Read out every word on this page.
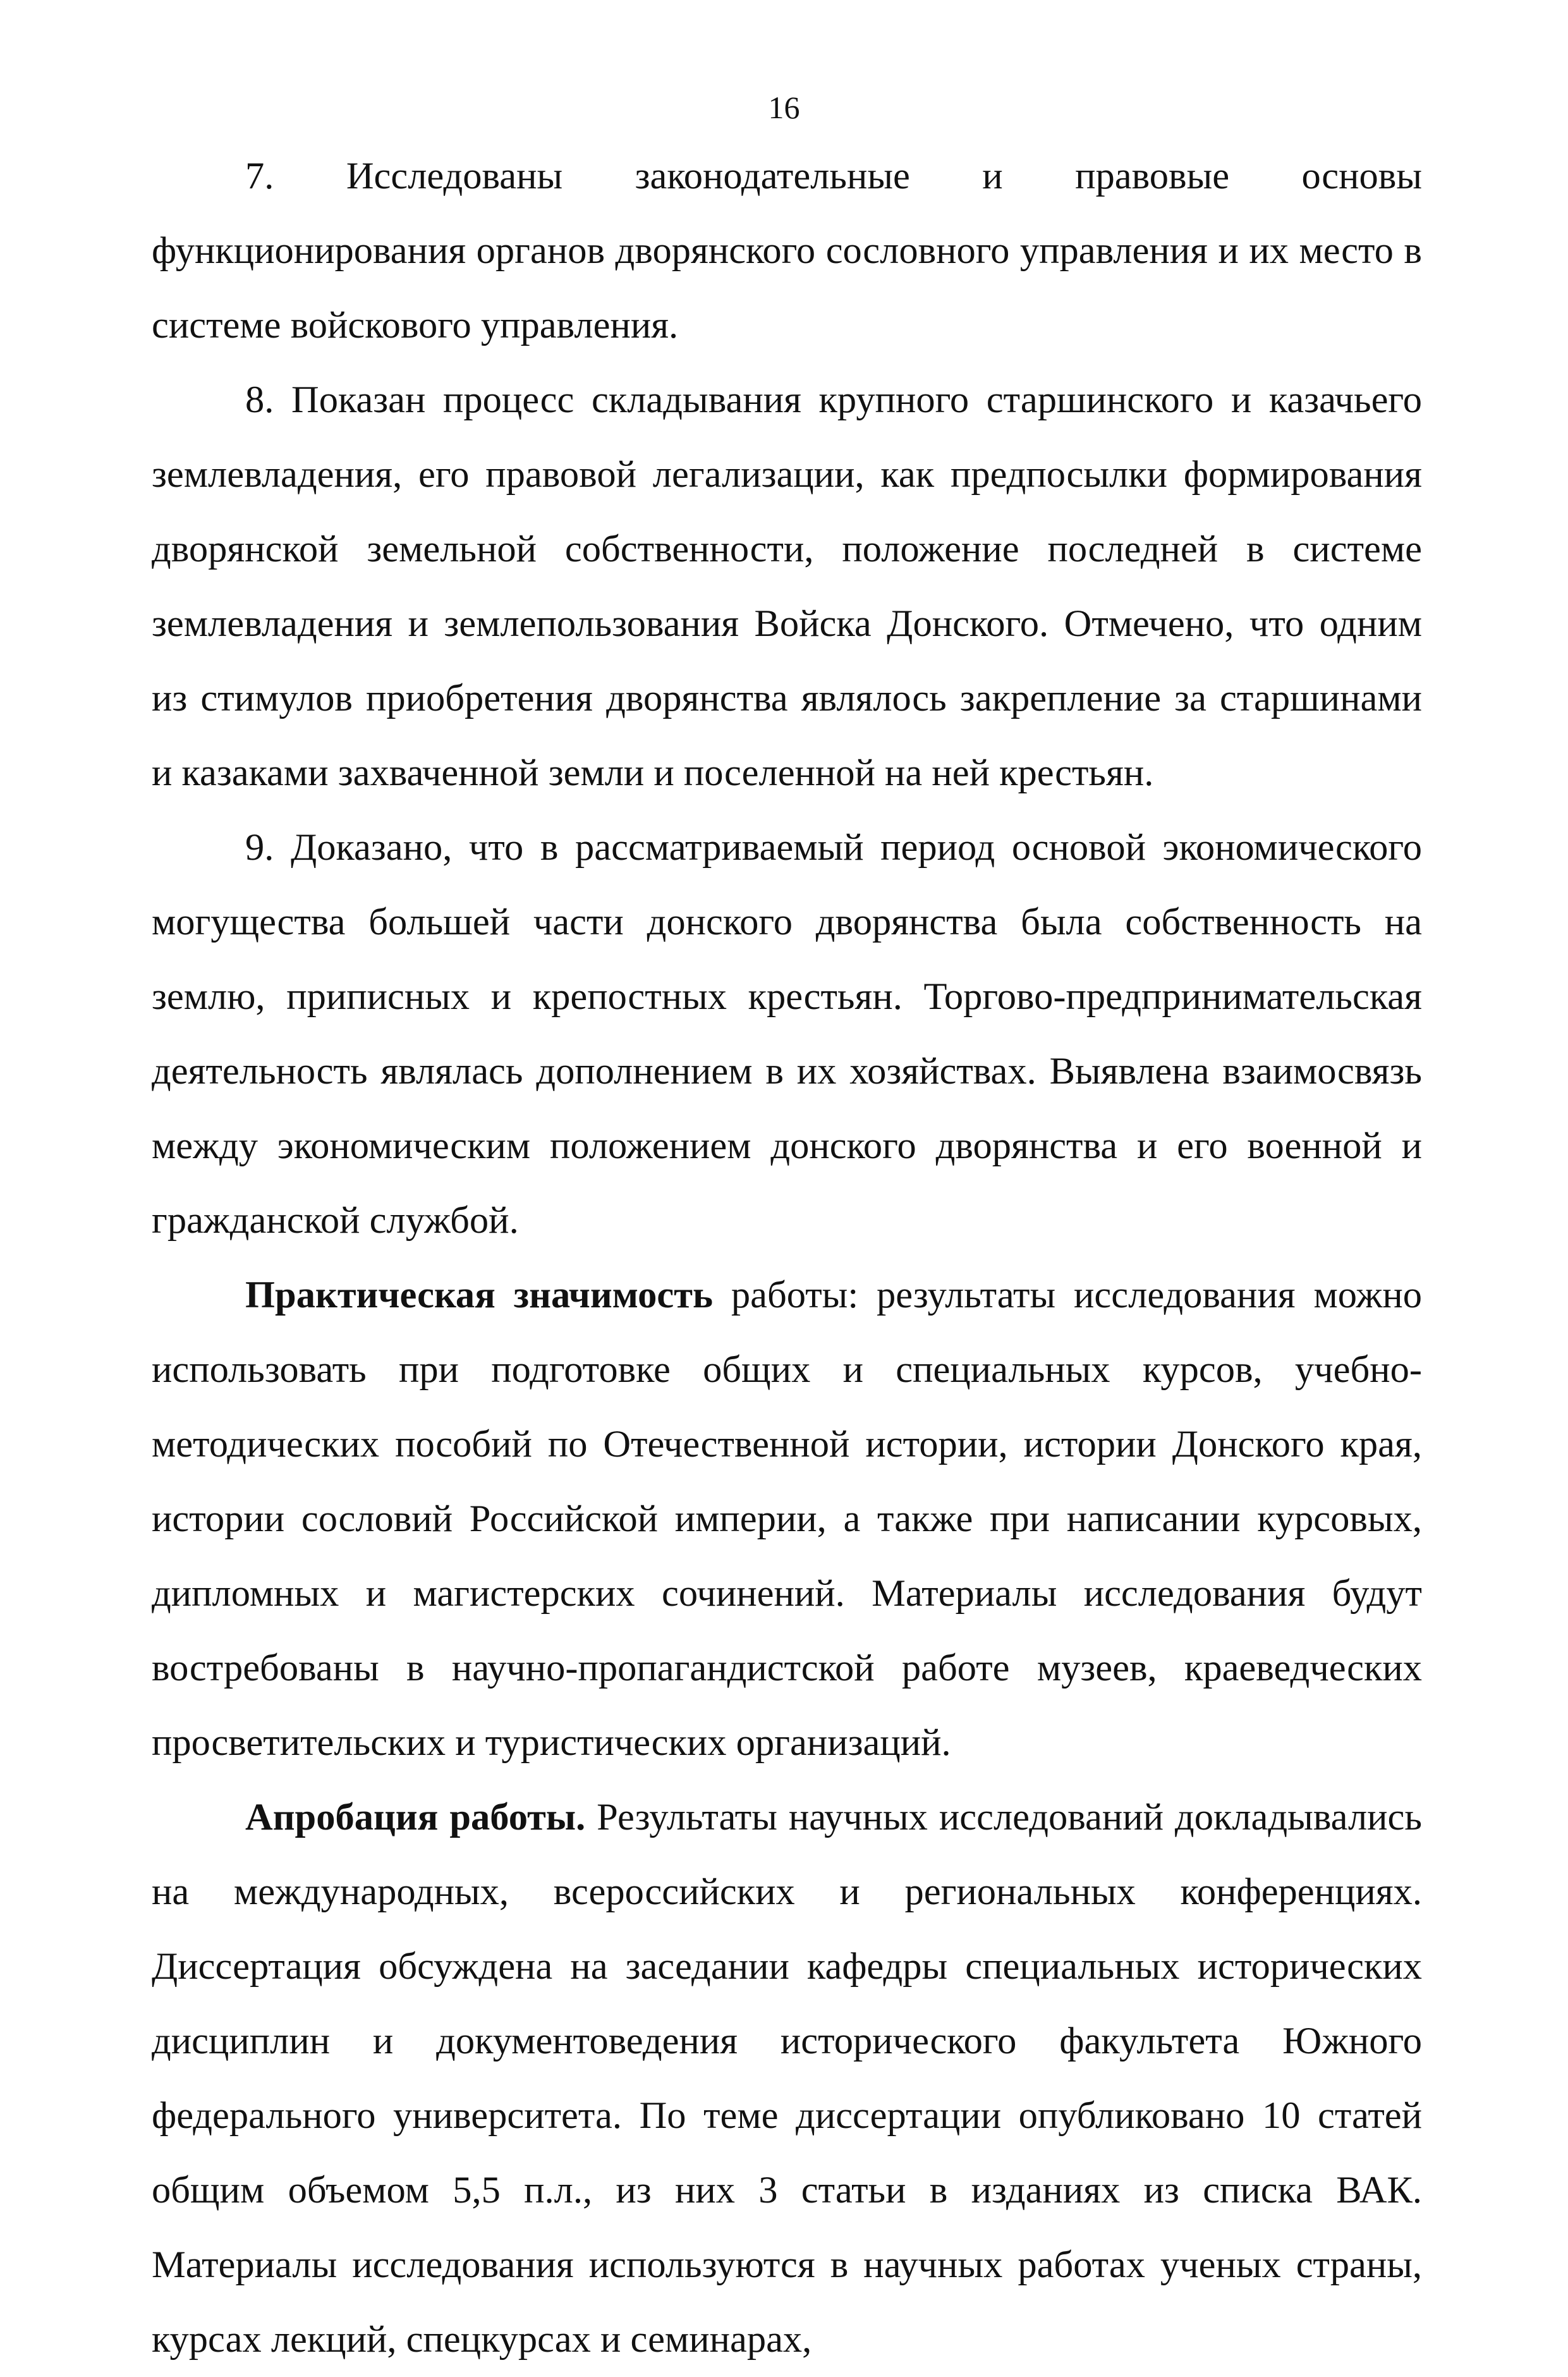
16

7. Исследованы законодательные и правовые основы функционирования органов дворянского сословного управления и их место в системе войскового управления.

8. Показан процесс складывания крупного старшинского и казачьего землевладения, его правовой легализации, как предпосылки формирования дворянской земельной собственности, положение последней в системе землевладения и землепользования Войска Донского. Отмечено, что одним из стимулов приобретения дворянства являлось закрепление за старшинами и казаками захваченной земли и поселенной на ней крестьян.

9. Доказано, что в рассматриваемый период основой экономического могущества большей части донского дворянства была собственность на землю, приписных и крепостных крестьян. Торгово-предпринимательская деятельность являлась дополнением в их хозяйствах. Выявлена взаимосвязь между экономическим положением донского дворянства и его военной и гражданской службой.

Практическая значимость работы: результаты исследования можно использовать при подготовке общих и специальных курсов, учебно-методических пособий по Отечественной истории, истории Донского края, истории сословий Российской империи, а также при написании курсовых, дипломных и магистерских сочинений. Материалы исследования будут востребованы в научно-пропагандистской работе музеев, краеведческих просветительских и туристических организаций.

Апробация работы. Результаты научных исследований докладывались на международных, всероссийских и региональных конференциях. Диссертация обсуждена на заседании кафедры специальных исторических дисциплин и документоведения исторического факультета Южного федерального университета. По теме диссертации опубликовано 10 статей общим объемом 5,5 п.л., из них 3 статьи в изданиях из списка ВАК. Материалы исследования используются в научных работах ученых страны, курсах лекций, спецкурсах и семинарах,
